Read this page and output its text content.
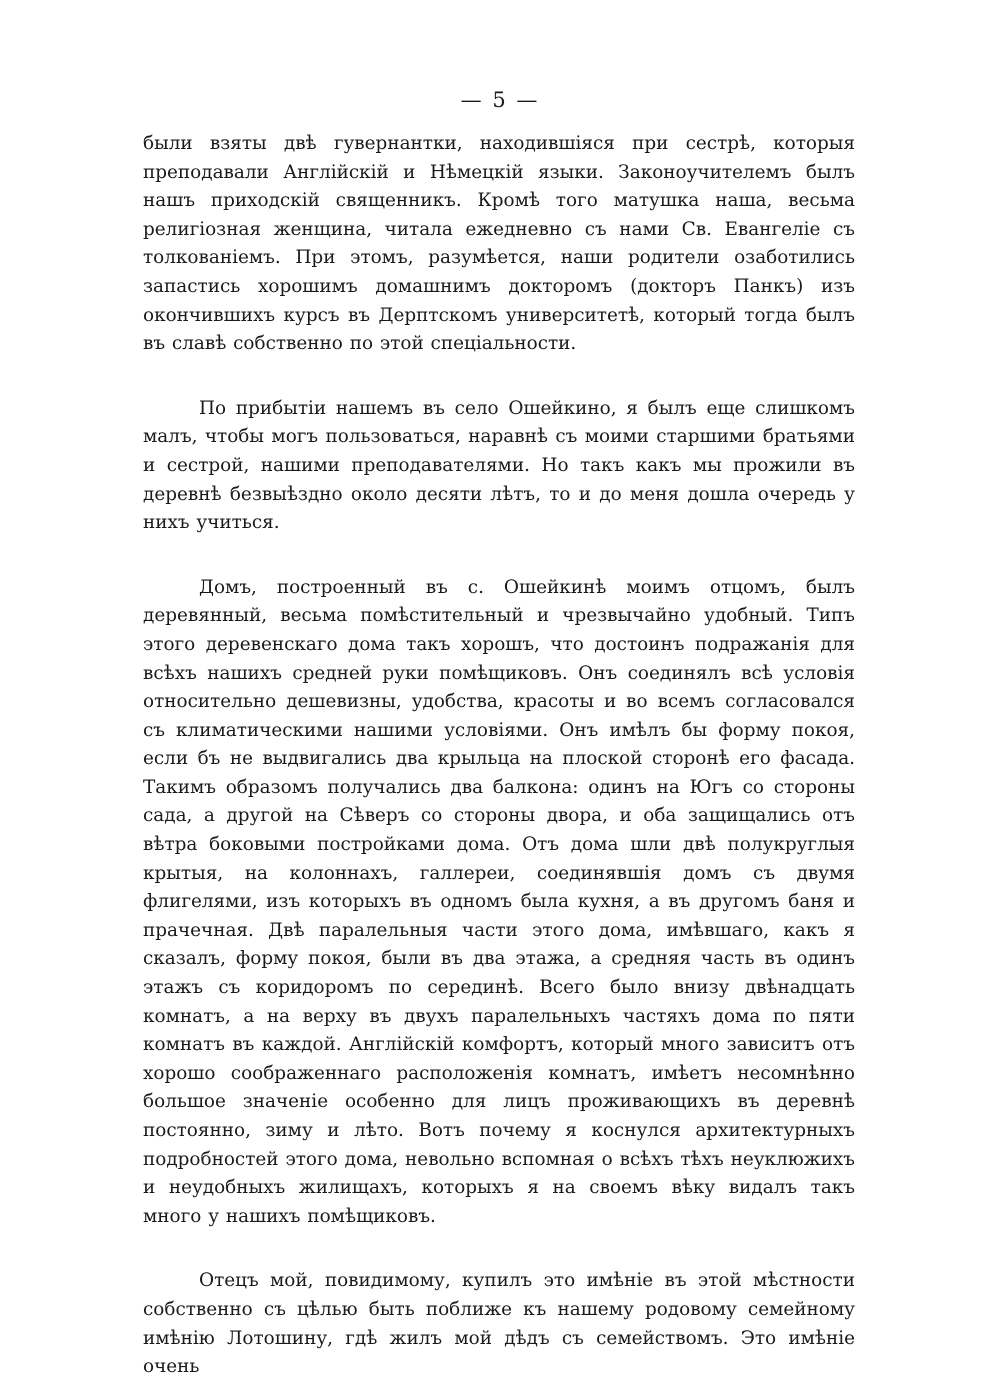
— 5 —

были взяты двѣ гувернантки, находившіяся при сестрѣ, которыя преподавали Англійскій и Нѣмецкій языки. Законоучителемъ былъ нашъ приходскій священникъ. Кромѣ того матушка наша, весьма религіозная женщина, читала ежедневно съ нами Св. Евангеліе съ толкованіемъ. При этомъ, разумѣется, наши родители озаботились запастись хорошимъ домашнимъ докторомъ (докторъ Панкъ) изъ окончившихъ курсъ въ Дерптскомъ университетѣ, который тогда былъ въ славѣ собственно по этой спеціальности.

По прибытіи нашемъ въ село Ошейкино, я былъ еще слишкомъ малъ, чтобы могъ пользоваться, наравнѣ съ моими старшими братьями и сестрой, нашими преподавателями. Но такъ какъ мы прожили въ деревнѣ безвыѣздно около десяти лѣтъ, то и до меня дошла очередь у нихъ учиться.

Домъ, построенный въ с. Ошейкинѣ моимъ отцомъ, былъ деревянный, весьма помѣстительный и чрезвычайно удобный. Типъ этого деревенскаго дома такъ хорошъ, что достоинъ подражанія для всѣхъ нашихъ средней руки помѣщиковъ. Онъ соединялъ всѣ условія относительно дешевизны, удобства, красоты и во всемъ согласовался съ климатическими нашими условіями. Онъ имѣлъ бы форму покоя, если бъ не выдвигались два крыльца на плоской сторонѣ его фасада. Такимъ образомъ получались два балкона: одинъ на Югъ со стороны сада, а другой на Сѣверъ со стороны двора, и оба защищались отъ вѣтра боковыми постройками дома. Отъ дома шли двѣ полукруглыя крытыя, на колоннахъ, галлереи, соединявшія домъ съ двумя флигелями, изъ которыхъ въ одномъ была кухня, а въ другомъ баня и прачечная. Двѣ паралельныя части этого дома, имѣвшаго, какъ я сказалъ, форму покоя, были въ два этажа, а средняя часть въ одинъ этажъ съ коридоромъ по серединѣ. Всего было внизу двѣнадцать комнатъ, а на верху въ двухъ паралельныхъ частяхъ дома по пяти комнатъ въ каждой. Англійскій комфортъ, который много зависитъ отъ хорошо соображеннаго расположенія комнатъ, имѣетъ несомнѣнно большое значеніе особенно для лицъ проживающихъ въ деревнѣ постоянно, зиму и лѣто. Вотъ почему я коснулся архитектурныхъ подробностей этого дома, невольно вспомная о всѣхъ тѣхъ неуклюжихъ и неудобныхъ жилищахъ, которыхъ я на своемъ вѣку видалъ такъ много у нашихъ помѣщиковъ.

Отецъ мой, повидимому, купилъ это имѣніе въ этой мѣстности собственно съ цѣлью быть поближе къ нашему родовому семейному имѣнію Лотошину, гдѣ жилъ мой дѣдъ съ семействомъ. Это имѣніе очень
